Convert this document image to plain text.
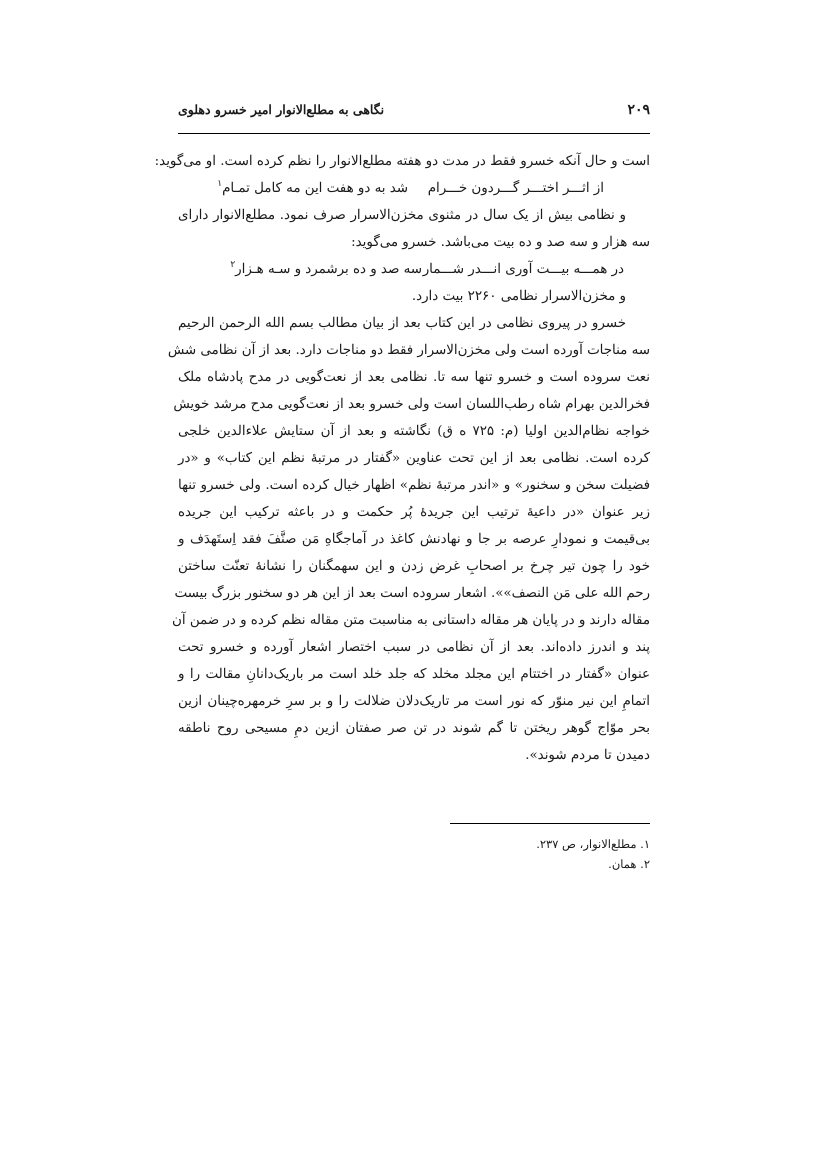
۲۰۹
نگاهی به مطلع‌الانوار امیر خسرو دهلوی
است و حال آنکه خسرو فقط در مدت دو هفته مطلع‌الانوار را نظم کرده است. او می‌گوید:
از اثـــر اختـــر گـــردون خـــرام
شد به دو هفت این مه کامل تمـام$^۱$
و نظامی بیش از یک سال در مثنوی مخزن‌الاسرار صرف نمود. مطلع‌الانوار دارای
سه هزار و سه صد و ده بیت می‌باشد. خسرو می‌گوید:
در همـــه بیـــت آوری انـــدر شـــمار
سه صد و ده برشمرد و سـه هـزار$^۲$
و مخزن‌الاسرار نظامی ۲۲۶۰ بیت دارد.
خسرو در پیروی نظامی در این کتاب بعد از بیان مطالب بسم الله الرحمن الرحیم
سه مناجات آورده است ولی مخزن‌الاسرار فقط دو مناجات دارد. بعد از آن نظامی شش
نعت سروده است و خسرو تنها سه تا. نظامی بعد از نعت‌گویی در مدح پادشاه ملک
فخرالدین بهرام شاه رطب‌اللسان است ولی خسرو بعد از نعت‌گویی مدح مرشد خویش
خواجه نظام‌الدین اولیا (م: ۷۲۵ ه ق) نگاشته و بعد از آن ستایش علاءالدین خلجی
کرده است. نظامی بعد از این تحت عناوین «گفتار در مرتبهٔ نظم این کتاب» و «در
فضیلت سخن و سخنور» و «اندر مرتبهٔ نظم» اظهار خیال کرده است. ولی خسرو تنها
زیر عنوان «در داعیهٔ ترتیب این جریدهٔ پُر حکمت و در باعثه ترکیب این جریده
بی‌قیمت و نمودارِ عرصه بر جا و نهادنش کاغذ در آماجگاهِ مَن صنَّفَ فقد اِستَهدَف و
خود را چون تیر چرخ بر اصحابِ غرض زدن و این سهمگنان را نشانهٔ تعنّت ساختن
رحم الله علی مَن النصف»». اشعار سروده است بعد از این هر دو سخنور بزرگ بیست
مقاله دارند و در پایان هر مقاله داستانی به مناسبت متن مقاله نظم کرده و در ضمن آن
پند و اندرز داده‌اند. بعد از آن نظامی در سبب اختصار اشعار آورده و خسرو تحت
عنوان «گفتار در اختتام این مجلد مخلد که جلد خلد است مر باریک‌دانانِ مقالت را و
اتمامِ این نیر منوّر که نور است مر تاریک‌دلان ضلالت را و بر سرِ خرمهره‌چینان ازین
بحر موّاج گوهر ریختن تا گم شوند در تن صر صفتان ازین دمِ مسیحی روح ناطقه
دمیدن تا مردم شوند».
۱. مطلع‌الانوار، ص ۲۳۷.
۲. همان.
